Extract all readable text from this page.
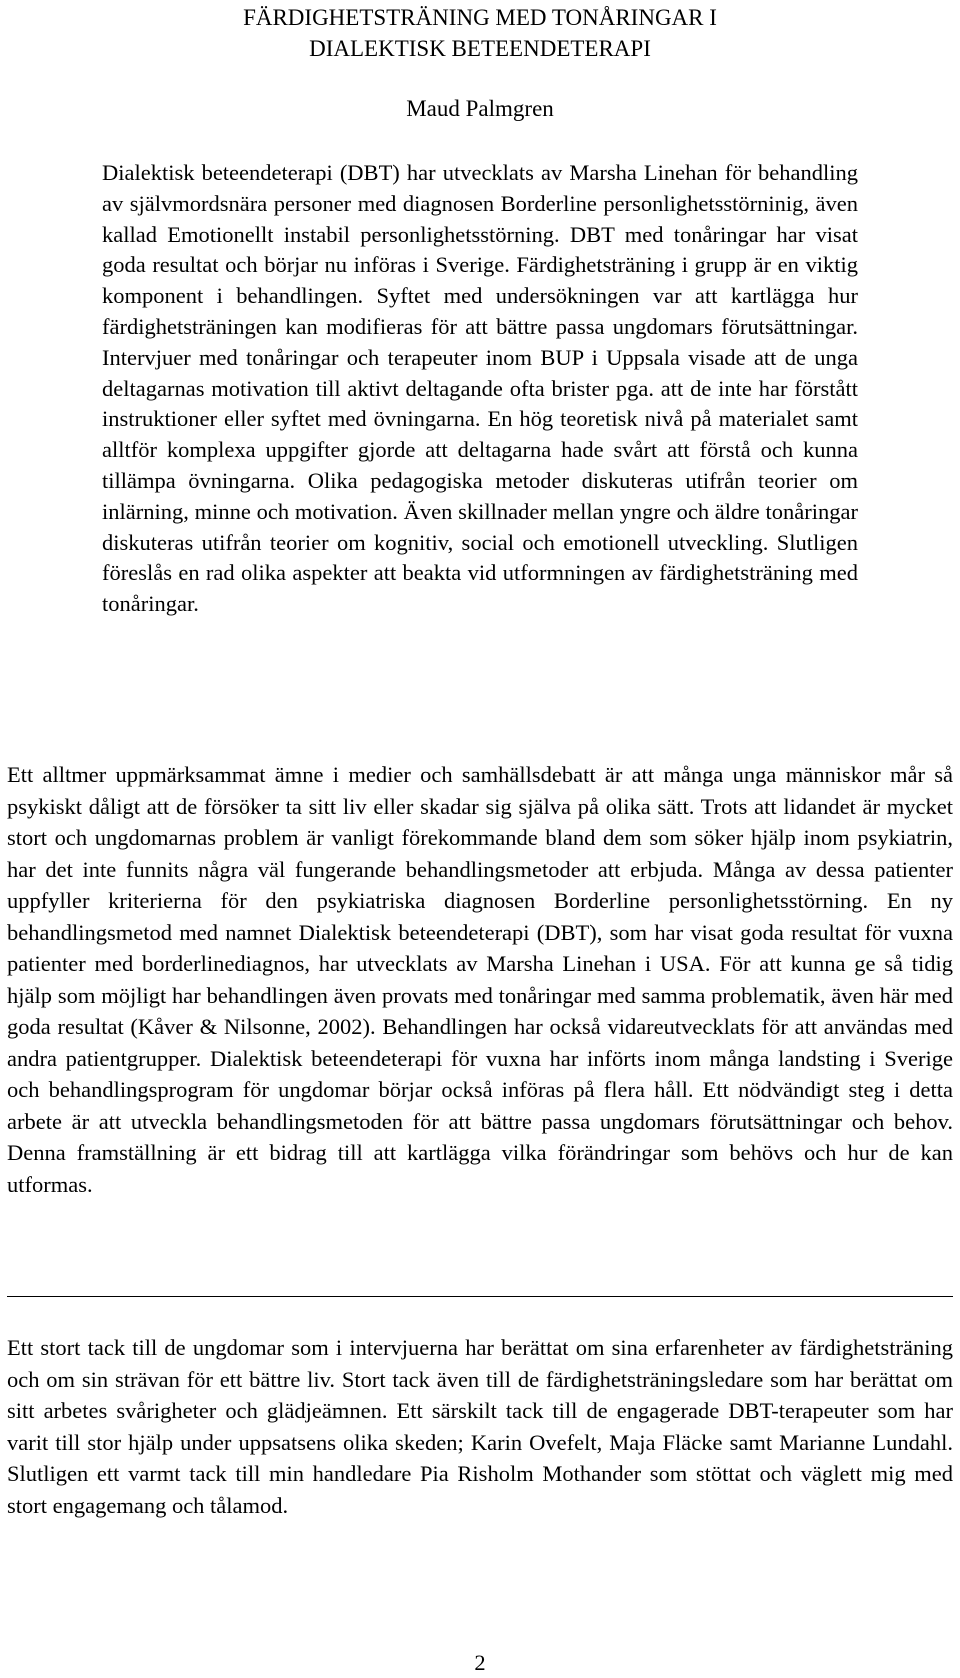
FÄRDIGHETSTRÄNING MED TONÅRINGAR I
DIALEKTISK BETEENDETERAPI

Maud Palmgren

Dialektisk beteendeterapi (DBT) har utvecklats av Marsha Linehan för behandling av självmordsnära personer med diagnosen Borderline personlighetsstörninig, även kallad Emotionellt instabil personlighetsstörning. DBT med tonåringar har visat goda resultat och börjar nu införas i Sverige. Färdighetsträning i grupp är en viktig komponent i behandlingen. Syftet med undersökningen var att kartlägga hur färdighetsträningen kan modifieras för att bättre passa ungdomars förutsättningar. Intervjuer med tonåringar och terapeuter inom BUP i Uppsala visade att de unga deltagarnas motivation till aktivt deltagande ofta brister pga. att de inte har förstått instruktioner eller syftet med övningarna. En hög teoretisk nivå på materialet samt alltför komplexa uppgifter gjorde att deltagarna hade svårt att förstå och kunna tillämpa övningarna. Olika pedagogiska metoder diskuteras utifrån teorier om inlärning, minne och motivation. Även skillnader mellan yngre och äldre tonåringar diskuteras utifrån teorier om kognitiv, social och emotionell utveckling. Slutligen föreslås en rad olika aspekter att beakta vid utformningen av färdighetsträning med tonåringar.

Ett alltmer uppmärksammat ämne i medier och samhällsdebatt är att många unga människor mår så psykiskt dåligt att de försöker ta sitt liv eller skadar sig själva på olika sätt. Trots att lidandet är mycket stort och ungdomarnas problem är vanligt förekommande bland dem som söker hjälp inom psykiatrin, har det inte funnits några väl fungerande behandlingsmetoder att erbjuda. Många av dessa patienter uppfyller kriterierna för den psykiatriska diagnosen Borderline personlighetsstörning. En ny behandlingsmetod med namnet Dialektisk beteendeterapi (DBT), som har visat goda resultat för vuxna patienter med borderlinediagnos, har utvecklats av Marsha Linehan i USA. För att kunna ge så tidig hjälp som möjligt har behandlingen även provats med tonåringar med samma problematik, även här med goda resultat (Kåver & Nilsonne, 2002). Behandlingen har också vidareutvecklats för att användas med andra patientgrupper. Dialektisk beteendeterapi för vuxna har införts inom många landsting i Sverige och behandlingsprogram för ungdomar börjar också införas på flera håll. Ett nödvändigt steg i detta arbete är att utveckla behandlingsmetoden för att bättre passa ungdomars förutsättningar och behov. Denna framställning är ett bidrag till att kartlägga vilka förändringar som behövs och hur de kan utformas.

Ett stort tack till de ungdomar som i intervjuerna har berättat om sina erfarenheter av färdighetsträning och om sin strävan för ett bättre liv. Stort tack även till de färdighetsträningsledare som har berättat om sitt arbetes svårigheter och glädjeämnen. Ett särskilt tack till de engagerade DBT-terapeuter som har varit till stor hjälp under uppsatsens olika skeden; Karin Ovefelt, Maja Fläcke samt Marianne Lundahl. Slutligen ett varmt tack till min handledare Pia Risholm Mothander som stöttat och väglett mig med stort engagemang och tålamod.

2
